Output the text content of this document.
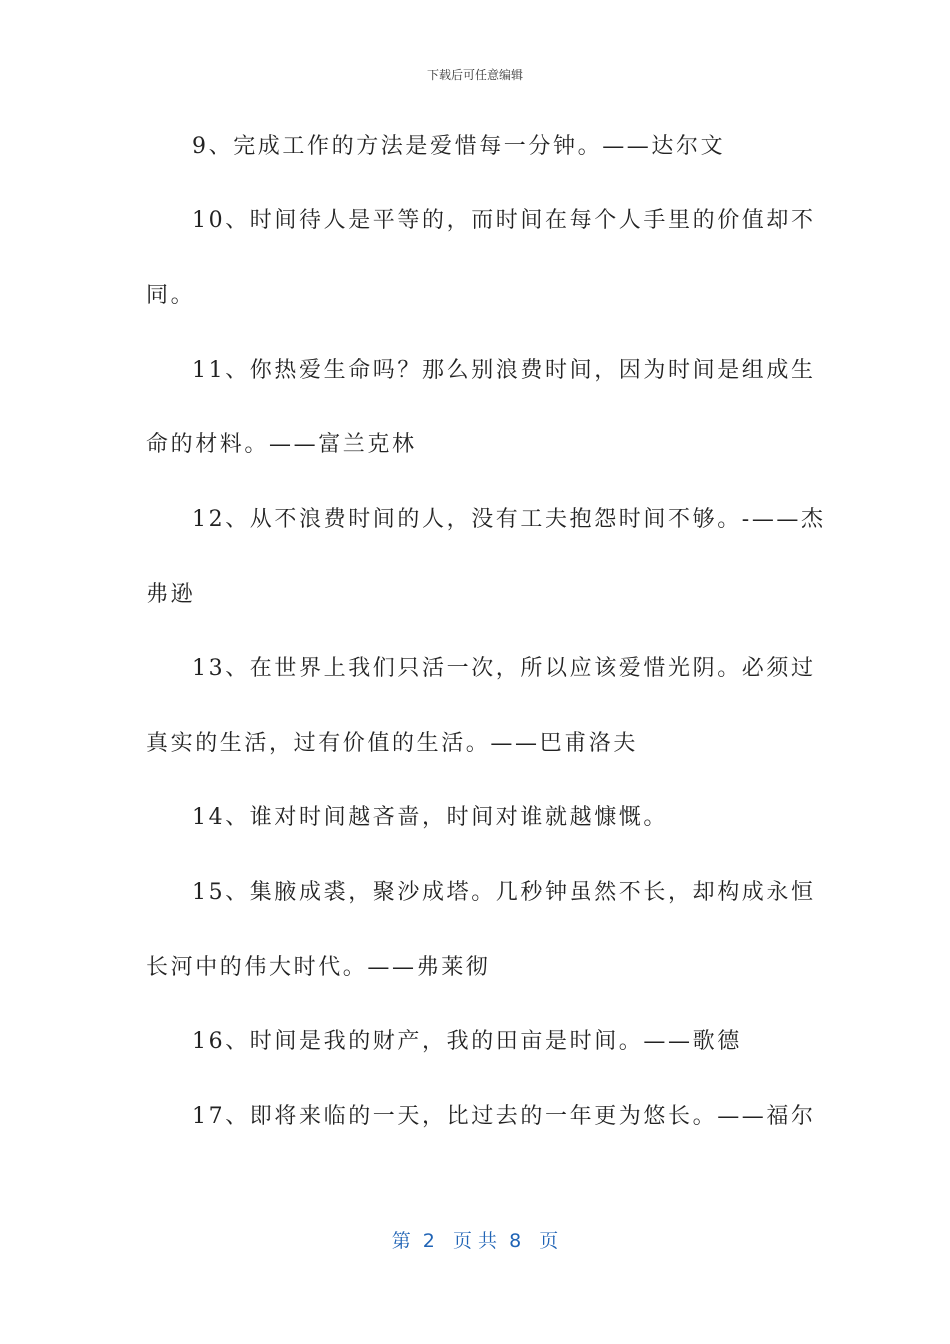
下载后可任意编辑
9、完成工作的方法是爱惜每一分钟。——达尔文
10、时间待人是平等的，而时间在每个人手里的价值却不
同。
11、你热爱生命吗？那么别浪费时间，因为时间是组成生
命的材料。——富兰克林
12、从不浪费时间的人，没有工夫抱怨时间不够。-——杰
弗逊
13、在世界上我们只活一次，所以应该爱惜光阴。必须过
真实的生活，过有价值的生活。——巴甫洛夫
14、谁对时间越吝啬，时间对谁就越慷慨。
15、集腋成裘，聚沙成塔。几秒钟虽然不长，却构成永恒
长河中的伟大时代。——弗莱彻
16、时间是我的财产，我的田亩是时间。——歌德
17、即将来临的一天，比过去的一年更为悠长。——福尔
第  2   页 共  8   页
